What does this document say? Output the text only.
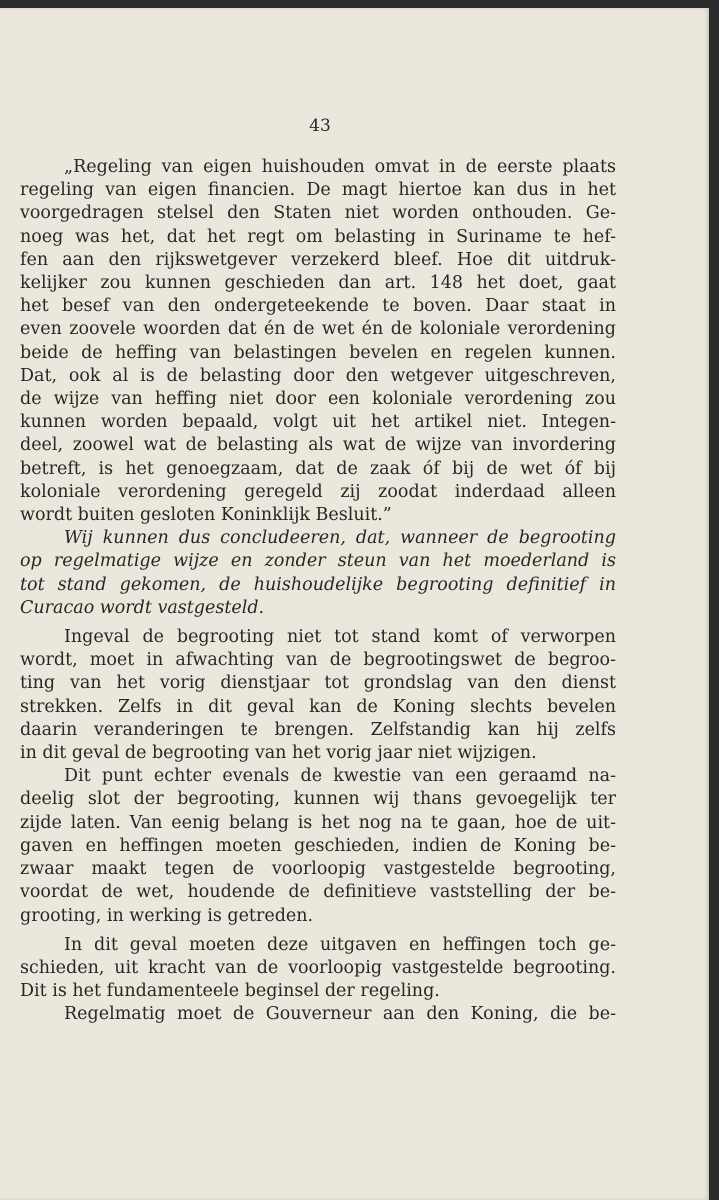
43
„Regeling van eigen huishouden omvat in de eerste plaats
regeling van eigen financien. De magt hiertoe kan dus in het
voorgedragen stelsel den Staten niet worden onthouden. Ge-
noeg was het, dat het regt om belasting in Suriname te hef-
fen aan den rijkswetgever verzekerd bleef. Hoe dit uitdruk-
kelijker zou kunnen geschieden dan art. 148 het doet, gaat
het besef van den ondergeteekende te boven. Daar staat in
even zoovele woorden dat én de wet én de koloniale verordening
beide de heffing van belastingen bevelen en regelen kunnen.
Dat, ook al is de belasting door den wetgever uitgeschreven,
de wijze van heffing niet door een koloniale verordening zou
kunnen worden bepaald, volgt uit het artikel niet. Integen-
deel, zoowel wat de belasting als wat de wijze van invordering
betreft, is het genoegzaam, dat de zaak óf bij de wet óf bij
koloniale verordening geregeld zij zoodat inderdaad alleen
wordt buiten gesloten Koninklijk Besluit.”
Wij kunnen dus concludeeren, dat, wanneer de begrooting
op regelmatige wijze en zonder steun van het moederland is
tot stand gekomen, de huishoudelijke begrooting definitief in
Curacao wordt vastgesteld.
Ingeval de begrooting niet tot stand komt of verworpen
wordt, moet in afwachting van de begrootingswet de begroo-
ting van het vorig dienstjaar tot grondslag van den dienst
strekken. Zelfs in dit geval kan de Koning slechts bevelen
daarin veranderingen te brengen. Zelfstandig kan hij zelfs
in dit geval de begrooting van het vorig jaar niet wijzigen.
Dit punt echter evenals de kwestie van een geraamd na-
deelig slot der begrooting, kunnen wij thans gevoegelijk ter
zijde laten. Van eenig belang is het nog na te gaan, hoe de uit-
gaven en heffingen moeten geschieden, indien de Koning be-
zwaar maakt tegen de voorloopig vastgestelde begrooting,
voordat de wet, houdende de definitieve vaststelling der be-
grooting, in werking is getreden.
In dit geval moeten deze uitgaven en heffingen toch ge-
schieden, uit kracht van de voorloopig vastgestelde begrooting.
Dit is het fundamenteele beginsel der regeling.
Regelmatig moet de Gouverneur aan den Koning, die be-
